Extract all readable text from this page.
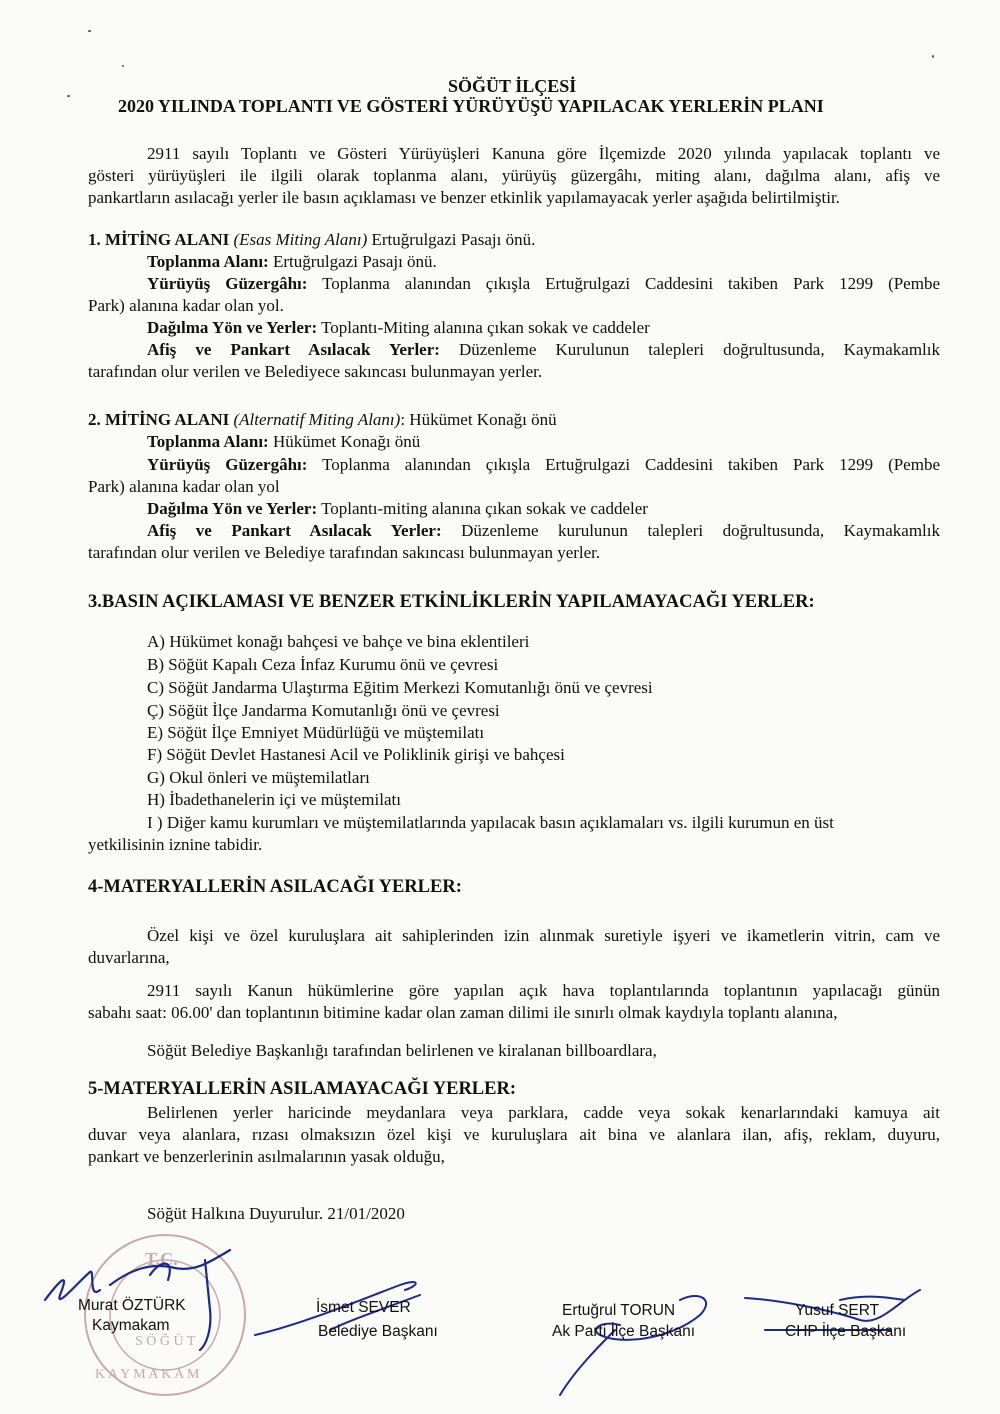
SÖĞÜT İLÇESİ
2020 YILINDA TOPLANTI VE GÖSTERİ YÜRÜYÜŞÜ YAPILACAK YERLERİN PLANI
2911 sayılı Toplantı ve Gösteri Yürüyüşleri Kanuna göre İlçemizde 2020 yılında yapılacak toplantı ve
gösteri yürüyüşleri ile ilgili olarak toplanma alanı, yürüyüş güzergâhı, miting alanı, dağılma alanı, afiş ve
pankartların asılacağı yerler ile basın açıklaması ve benzer etkinlik yapılamayacak yerler aşağıda belirtilmiştir.
1. MİTİNG ALANI (Esas Miting Alanı) Ertuğrulgazi Pasajı önü.
Toplanma Alanı: Ertuğrulgazi Pasajı önü.
Yürüyüş Güzergâhı: Toplanma alanından çıkışla Ertuğrulgazi Caddesini takiben Park 1299 (Pembe
Park) alanına kadar olan yol.
Dağılma Yön ve Yerler: Toplantı-Miting alanına çıkan sokak ve caddeler
Afiş ve Pankart Asılacak Yerler: Düzenleme Kurulunun talepleri doğrultusunda, Kaymakamlık
tarafından olur verilen ve Belediyece sakıncası bulunmayan yerler.
2. MİTİNG ALANI (Alternatif Miting Alanı): Hükümet Konağı önü
Toplanma Alanı: Hükümet Konağı önü
Yürüyüş Güzergâhı: Toplanma alanından çıkışla Ertuğrulgazi Caddesini takiben Park 1299 (Pembe
Park) alanına kadar olan yol
Dağılma Yön ve Yerler: Toplantı-miting alanına çıkan sokak ve caddeler
Afiş ve Pankart Asılacak Yerler: Düzenleme kurulunun talepleri doğrultusunda, Kaymakamlık
tarafından olur verilen ve Belediye tarafından sakıncası bulunmayan yerler.
3.BASIN AÇIKLAMASI VE BENZER ETKİNLİKLERİN YAPILAMAYACAĞI YERLER:
A) Hükümet konağı bahçesi ve bahçe ve bina eklentileri
B) Söğüt Kapalı Ceza İnfaz Kurumu önü ve çevresi
C) Söğüt Jandarma Ulaştırma Eğitim Merkezi Komutanlığı önü ve çevresi
Ç) Söğüt İlçe Jandarma Komutanlığı önü ve çevresi
E) Söğüt İlçe Emniyet Müdürlüğü ve müştemilatı
F) Söğüt Devlet Hastanesi Acil ve Poliklinik girişi ve bahçesi
G) Okul önleri ve müştemilatları
H) İbadethanelerin içi ve müştemilatı
I ) Diğer kamu kurumları ve müştemilatlarında yapılacak basın açıklamaları vs. ilgili kurumun en üst
yetkilisinin iznine tabidir.
4-MATERYALLERİN ASILACAĞI YERLER:
Özel kişi ve özel kuruluşlara ait sahiplerinden izin alınmak suretiyle işyeri ve ikametlerin vitrin, cam ve
duvarlarına,
2911 sayılı Kanun hükümlerine göre yapılan açık hava toplantılarında toplantının yapılacağı günün
sabahı saat: 06.00' dan toplantının bitimine kadar olan zaman dilimi ile sınırlı olmak kaydıyla toplantı alanına,
Söğüt Belediye Başkanlığı tarafından belirlenen ve kiralanan billboardlara,
5-MATERYALLERİN ASILAMAYACAĞI YERLER:
Belirlenen yerler haricinde meydanlara veya parklara, cadde veya sokak kenarlarındaki kamuya ait
duvar veya alanlara, rızası olmaksızın özel kişi ve kuruluşlara ait bina ve alanlara ilan, afiş, reklam, duyuru,
pankart ve benzerlerinin asılmalarının yasak olduğu,
Söğüt Halkına Duyurulur. 21/01/2020
T.C.
S Ö Ğ Ü T
K A Y M A K A M
Murat ÖZTÜRK
Kaymakam
İsmet SEVER
Belediye Başkanı
Ertuğrul TORUN
Ak Parti İlçe Başkanı
Yusuf SERT
CHP İlçe Başkanı
